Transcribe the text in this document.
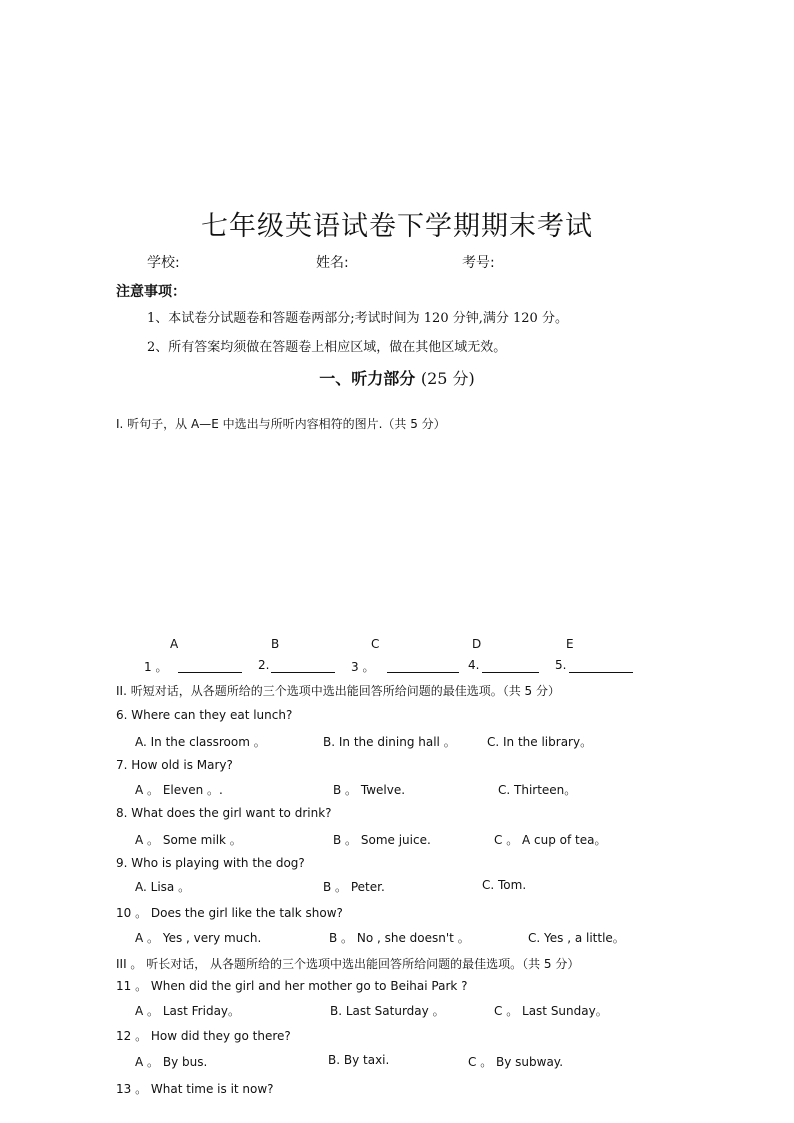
七年级英语试卷下学期期末考试
学校:	姓名:	考号:
注意事项：
1、本试卷分试题卷和答题卷两部分;考试时间为 120 分钟,满分 120 分。
2、所有答案均须做在答题卷上相应区域，做在其他区域无效。
一、听力部分 (25 分)
I. 听句子，从 A—E 中选出与所听内容相符的图片.（共 5 分）
A	B	C	D	E
1 。	2.	3 。	4.	5.
II. 听短对话，从各题所给的三个选项中选出能回答所给问题的最佳选项。（共 5 分）
6. Where can they eat lunch?
A. In the classroom 。	B. In the dining hall 。	C. In the library。
7. How old is Mary?
A 。 Eleven 。.	B 。 Twelve.	C. Thirteen。
8. What does the girl want to drink?
A 。 Some milk 。	B 。 Some juice.	C 。 A cup of tea。
9. Who is playing with the dog?
A. Lisa 。	B 。 Peter.	C. Tom.
10 。 Does the girl like the talk show?
A 。 Yes , very much.	B 。 No , she doesn't 。	C. Yes , a little。
III 。 听长对话， 从各题所给的三个选项中选出能回答所给问题的最佳选项。（共 5 分）
11 。 When did the girl and her mother go to Beihai Park ?
A 。 Last Friday。	B. Last Saturday 。	C 。 Last Sunday。
12 。 How did they go there?
A 。 By bus.	B. By taxi.	C 。 By subway.
13 。 What time is it now?
